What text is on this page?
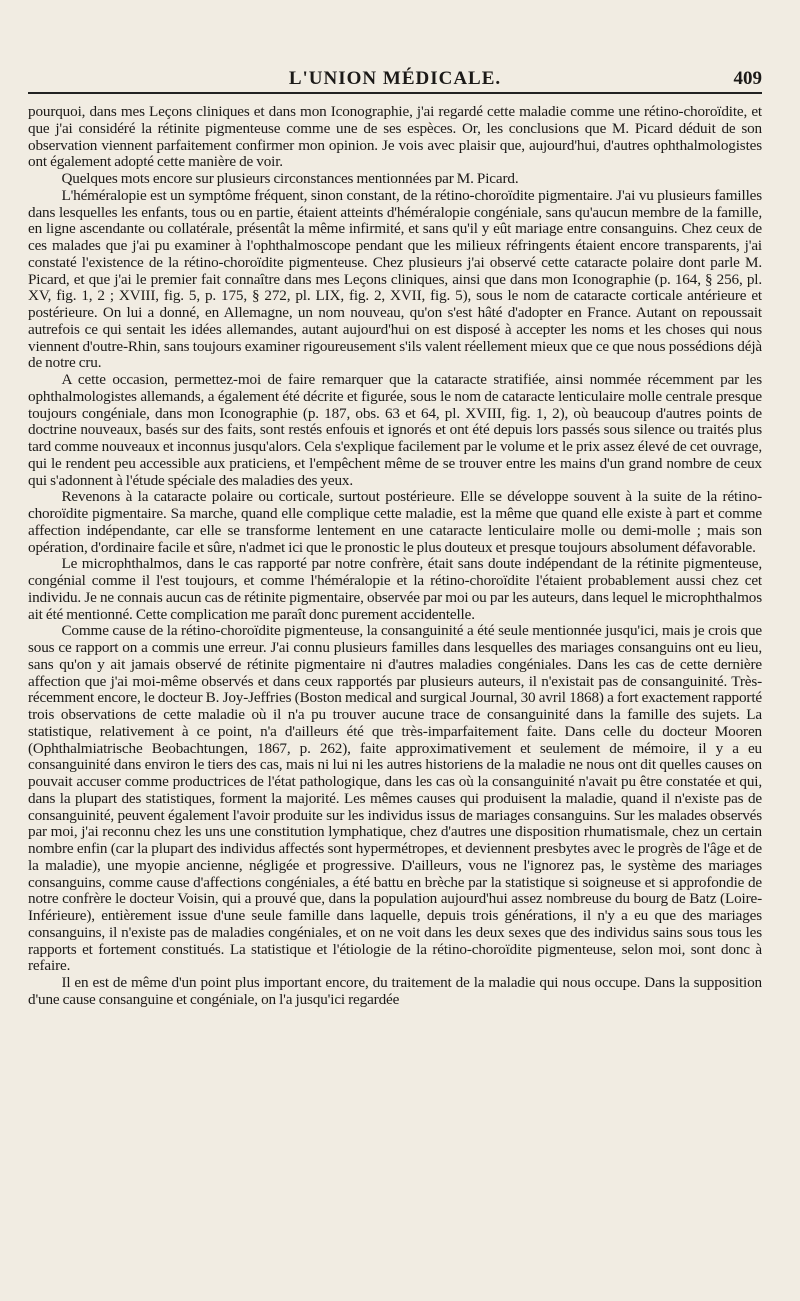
L'UNION MÉDICALE.	409

pourquoi, dans mes Leçons cliniques et dans mon Iconographie, j'ai regardé cette maladie comme une rétino-choroïdite, et que j'ai considéré la rétinite pigmenteuse comme une de ses espèces. Or, les conclusions que M. Picard déduit de son observation viennent parfaitement confirmer mon opinion. Je vois avec plaisir que, aujourd'hui, d'autres ophthalmologistes ont également adopté cette manière de voir.

Quelques mots encore sur plusieurs circonstances mentionnées par M. Picard.

L'héméralopie est un symptôme fréquent, sinon constant, de la rétino-choroïdite pigmentaire. J'ai vu plusieurs familles dans lesquelles les enfants, tous ou en partie, étaient atteints d'héméralopie congéniale, sans qu'aucun membre de la famille, en ligne ascendante ou collatérale, présentât la même infirmité, et sans qu'il y eût mariage entre consanguins. Chez ceux de ces malades que j'ai pu examiner à l'ophthalmoscope pendant que les milieux réfringents étaient encore transparents, j'ai constaté l'existence de la rétino-choroïdite pigmenteuse. Chez plusieurs j'ai observé cette cataracte polaire dont parle M. Picard, et que j'ai le premier fait connaître dans mes Leçons cliniques, ainsi que dans mon Iconographie (p. 164, § 256, pl. XV, fig. 1, 2 ; XVIII, fig. 5, p. 175, § 272, pl. LIX, fig. 2, XVII, fig. 5), sous le nom de cataracte corticale antérieure et postérieure. On lui a donné, en Allemagne, un nom nouveau, qu'on s'est hâté d'adopter en France. Autant on repoussait autrefois ce qui sentait les idées allemandes, autant aujourd'hui on est disposé à accepter les noms et les choses qui nous viennent d'outre-Rhin, sans toujours examiner rigoureusement s'ils valent réellement mieux que ce que nous possédions déjà de notre cru.

A cette occasion, permettez-moi de faire remarquer que la cataracte stratifiée, ainsi nommée récemment par les ophthalmologistes allemands, a également été décrite et figurée, sous le nom de cataracte lenticulaire molle centrale presque toujours congéniale, dans mon Iconographie (p. 187, obs. 63 et 64, pl. XVIII, fig. 1, 2), où beaucoup d'autres points de doctrine nouveaux, basés sur des faits, sont restés enfouis et ignorés et ont été depuis lors passés sous silence ou traités plus tard comme nouveaux et inconnus jusqu'alors. Cela s'explique facilement par le volume et le prix assez élevé de cet ouvrage, qui le rendent peu accessible aux praticiens, et l'empêchent même de se trouver entre les mains d'un grand nombre de ceux qui s'adonnent à l'étude spéciale des maladies des yeux.

Revenons à la cataracte polaire ou corticale, surtout postérieure. Elle se développe souvent à la suite de la rétino-choroïdite pigmentaire. Sa marche, quand elle complique cette maladie, est la même que quand elle existe à part et comme affection indépendante, car elle se transforme lentement en une cataracte lenticulaire molle ou demi-molle ; mais son opération, d'ordinaire facile et sûre, n'admet ici que le pronostic le plus douteux et presque toujours absolument défavorable.

Le microphthalmos, dans le cas rapporté par notre confrère, était sans doute indépendant de la rétinite pigmenteuse, congénial comme il l'est toujours, et comme l'héméralopie et la rétino-choroïdite l'étaient probablement aussi chez cet individu. Je ne connais aucun cas de rétinite pigmentaire, observée par moi ou par les auteurs, dans lequel le microphthalmos ait été mentionné. Cette complication me paraît donc purement accidentelle.

Comme cause de la rétino-choroïdite pigmenteuse, la consanguinité a été seule mentionnée jusqu'ici, mais je crois que sous ce rapport on a commis une erreur. J'ai connu plusieurs familles dans lesquelles des mariages consanguins ont eu lieu, sans qu'on y ait jamais observé de rétinite pigmentaire ni d'autres maladies congéniales. Dans les cas de cette dernière affection que j'ai moi-même observés et dans ceux rapportés par plusieurs auteurs, il n'existait pas de consanguinité. Très-récemment encore, le docteur B. Joy-Jeffries (Boston medical and surgical Journal, 30 avril 1868) a fort exactement rapporté trois observations de cette maladie où il n'a pu trouver aucune trace de consanguinité dans la famille des sujets. La statistique, relativement à ce point, n'a d'ailleurs été que très-imparfaitement faite. Dans celle du docteur Mooren (Ophthalmiatrische Beobachtungen, 1867, p. 262), faite approximativement et seulement de mémoire, il y a eu consanguinité dans environ le tiers des cas, mais ni lui ni les autres historiens de la maladie ne nous ont dit quelles causes on pouvait accuser comme productrices de l'état pathologique, dans les cas où la consanguinité n'avait pu être constatée et qui, dans la plupart des statistiques, forment la majorité. Les mêmes causes qui produisent la maladie, quand il n'existe pas de consanguinité, peuvent également l'avoir produite sur les individus issus de mariages consanguins. Sur les malades observés par moi, j'ai reconnu chez les uns une constitution lymphatique, chez d'autres une disposition rhumatismale, chez un certain nombre enfin (car la plupart des individus affectés sont hypermétropes, et deviennent presbytes avec le progrès de l'âge et de la maladie), une myopie ancienne, négligée et progressive. D'ailleurs, vous ne l'ignorez pas, le système des mariages consanguins, comme cause d'affections congéniales, a été battu en brèche par la statistique si soigneuse et si approfondie de notre confrère le docteur Voisin, qui a prouvé que, dans la population aujourd'hui assez nombreuse du bourg de Batz (Loire-Inférieure), entièrement issue d'une seule famille dans laquelle, depuis trois générations, il n'y a eu que des mariages consanguins, il n'existe pas de maladies congéniales, et on ne voit dans les deux sexes que des individus sains sous tous les rapports et fortement constitués. La statistique et l'étiologie de la rétino-choroïdite pigmenteuse, selon moi, sont donc à refaire.

Il en est de même d'un point plus important encore, du traitement de la maladie qui nous occupe. Dans la supposition d'une cause consanguine et congéniale, on l'a jusqu'ici regardée
